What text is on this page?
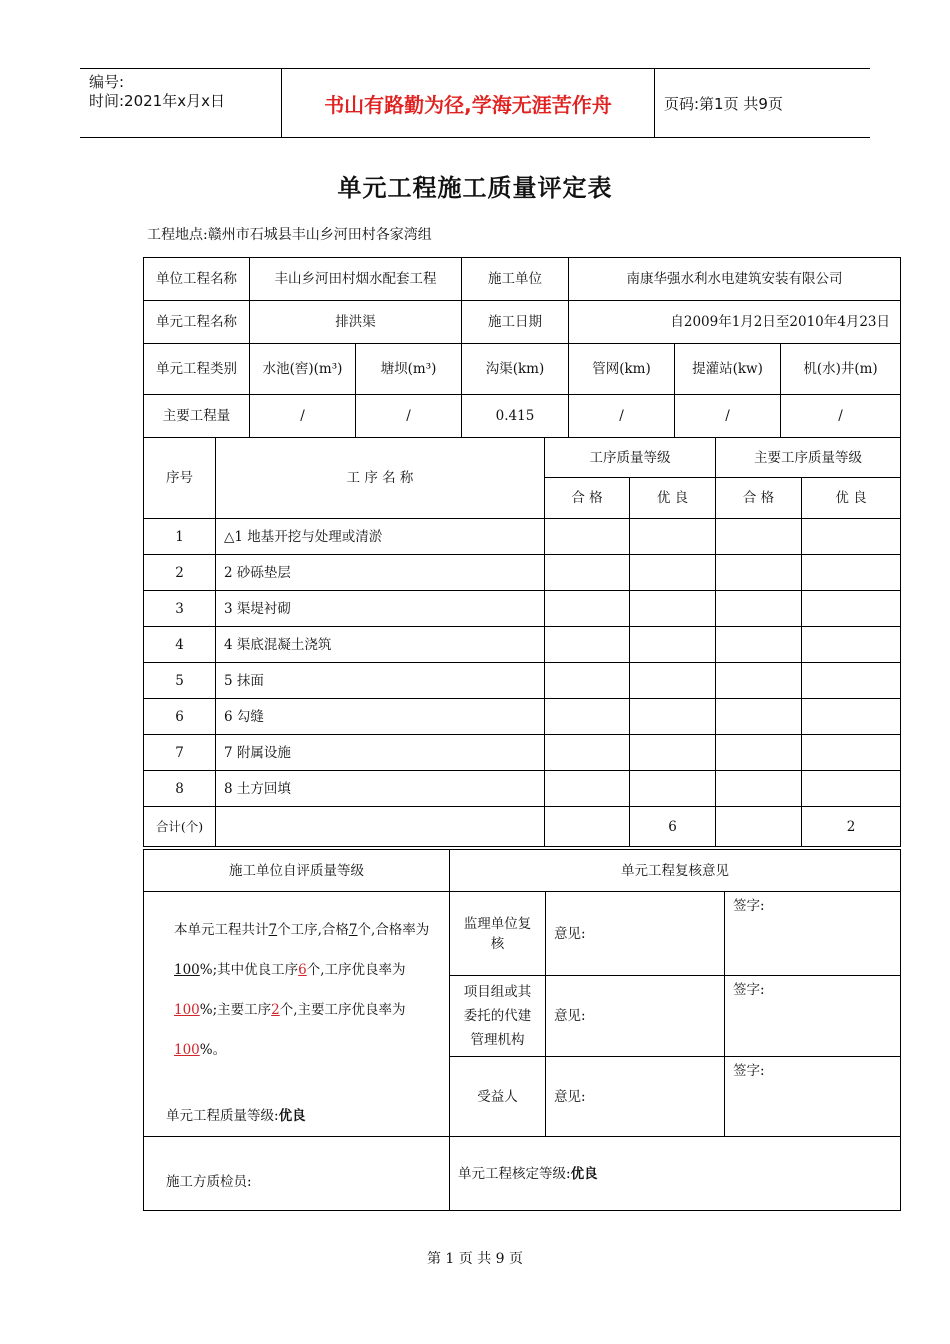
编号:
时间:2021年x月x日	书山有路勤为径,学海无涯苦作舟	页码:第1页 共9页
单元工程施工质量评定表
工程地点:赣州市石城县丰山乡河田村各家湾组
单位工程名称	丰山乡河田村烟水配套工程		施工单位	南康华强水利水电建筑安装有限公司		
单元工程名称	排洪渠		施工日期	自2009年1月2日至2010年4月23日		
单元工程类别	水池(窖)(m³)	塘坝(m³)	沟渠(km)	管网(km)	提灌站(kw)	机(水)井(m)
主要工程量	/	/	0.415	/	/	/
序号	工 序 名 称	工序质量等级		主要工序质量等级	
		合 格	优 良	合 格	优 良
1	△1 地基开挖与处理或清淤				
2	2 砂砾垫层				
3	3 渠堤衬砌				
4	4 渠底混凝土浇筑				
5	5 抹面				
6	6 勾缝				
7	7 附属设施				
8	8 土方回填				
合计(个)			6		2
施工单位自评质量等级	单元工程复核意见		

本单元工程共计7个工序,合格7个,合格率为100%;其中优良工序6个,工序优良率为100%;主要工序2个,主要工序优良率为100%。
单元工程质量等级:优良	监理单位复核	意见:	签字:
	项目组或其委托的代建管理机构	意见:	签字:
	受益人	意见:	签字:
施工方质检员:	单元工程核定等级:优良		
第 1 页 共 9 页
